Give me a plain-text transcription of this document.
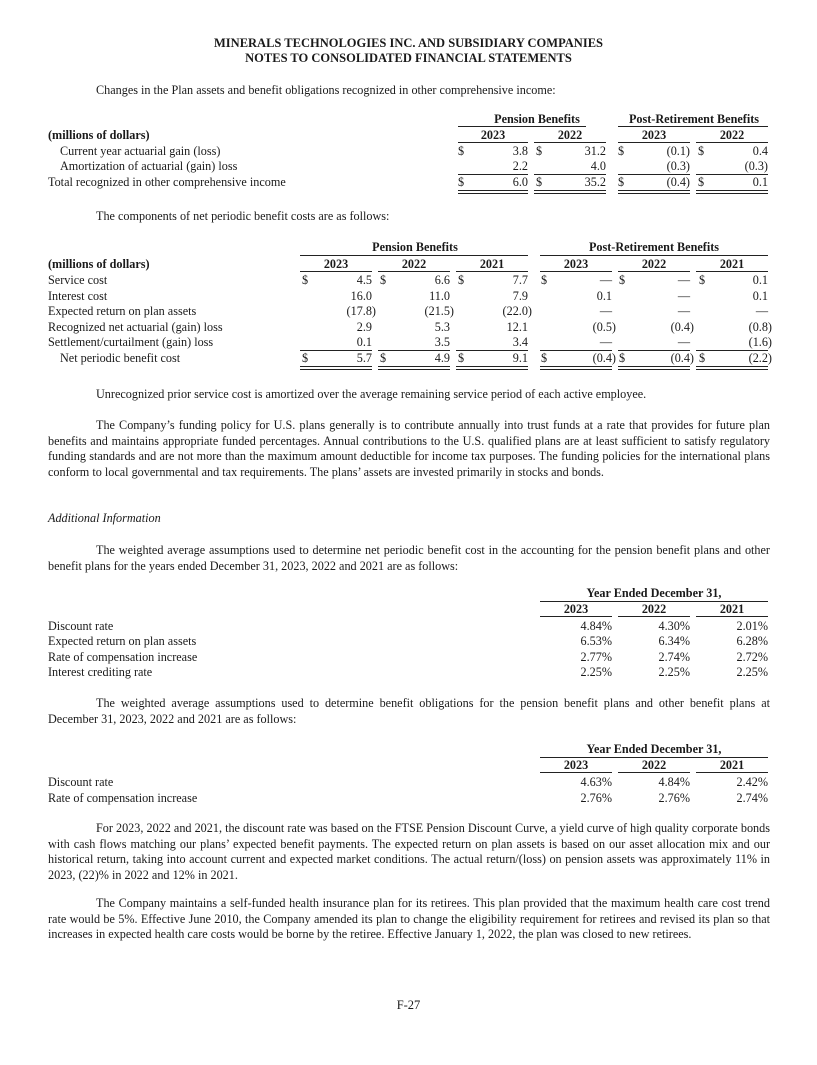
MINERALS TECHNOLOGIES INC. AND SUBSIDIARY COMPANIES
NOTES TO CONSOLIDATED FINANCIAL STATEMENTS

Changes in the Plan assets and benefit obligations recognized in other comprehensive income:

Pension Benefits	Post-Retirement Benefits
(millions of dollars)	2023	2022	2023	2022
Current year actuarial gain (loss)	$	3.8 $	31.2 $	(0.1) $	0.4
Amortization of actuarial (gain) loss	2.2	4.0	(0.3)	(0.3)
Total recognized in other comprehensive income	$	6.0 $	35.2 $	(0.4) $	0.1

The components of net periodic benefit costs are as follows:

Pension Benefits	Post-Retirement Benefits
(millions of dollars)	2023	2022	2021	2023	2022	2021
Service cost	$	4.5 $	6.6 $	7.7 $	— $	— $	0.1
Interest cost	16.0	11.0	7.9	0.1	—	0.1
Expected return on plan assets	(17.8)	(21.5)	(22.0)	—	—	—
Recognized net actuarial (gain) loss	2.9	5.3	12.1	(0.5)	(0.4)	(0.8)
Settlement/curtailment (gain) loss	0.1	3.5	3.4	—	—	(1.6)
Net periodic benefit cost	$	5.7 $	4.9 $	9.1 $	(0.4) $	(0.4) $	(2.2)

Unrecognized prior service cost is amortized over the average remaining service period of each active employee.

The Company’s funding policy for U.S. plans generally is to contribute annually into trust funds at a rate that provides for future plan benefits and maintains appropriate funded percentages. Annual contributions to the U.S. qualified plans are at least sufficient to satisfy regulatory funding standards and are not more than the maximum amount deductible for income tax purposes. The funding policies for the international plans conform to local governmental and tax requirements. The plans’ assets are invested primarily in stocks and bonds.

Additional Information

The weighted average assumptions used to determine net periodic benefit cost in the accounting for the pension benefit plans and other benefit plans for the years ended December 31, 2023, 2022 and 2021 are as follows:

Year Ended December 31,
2023	2022	2021
Discount rate	4.84%	4.30%	2.01%
Expected return on plan assets	6.53%	6.34%	6.28%
Rate of compensation increase	2.77%	2.74%	2.72%
Interest crediting rate	2.25%	2.25%	2.25%

The weighted average assumptions used to determine benefit obligations for the pension benefit plans and other benefit plans at December 31, 2023, 2022 and 2021 are as follows:

Year Ended December 31,
2023	2022	2021
Discount rate	4.63%	4.84%	2.42%
Rate of compensation increase	2.76%	2.76%	2.74%

For 2023, 2022 and 2021, the discount rate was based on the FTSE Pension Discount Curve, a yield curve of high quality corporate bonds with cash flows matching our plans’ expected benefit payments. The expected return on plan assets is based on our asset allocation mix and our historical return, taking into account current and expected market conditions. The actual return/(loss) on pension assets was approximately 11% in 2023, (22)% in 2022 and 12% in 2021.

The Company maintains a self-funded health insurance plan for its retirees. This plan provided that the maximum health care cost trend rate would be 5%. Effective June 2010, the Company amended its plan to change the eligibility requirement for retirees and revised its plan so that increases in expected health care costs would be borne by the retiree. Effective January 1, 2022, the plan was closed to new retirees.

F-27
